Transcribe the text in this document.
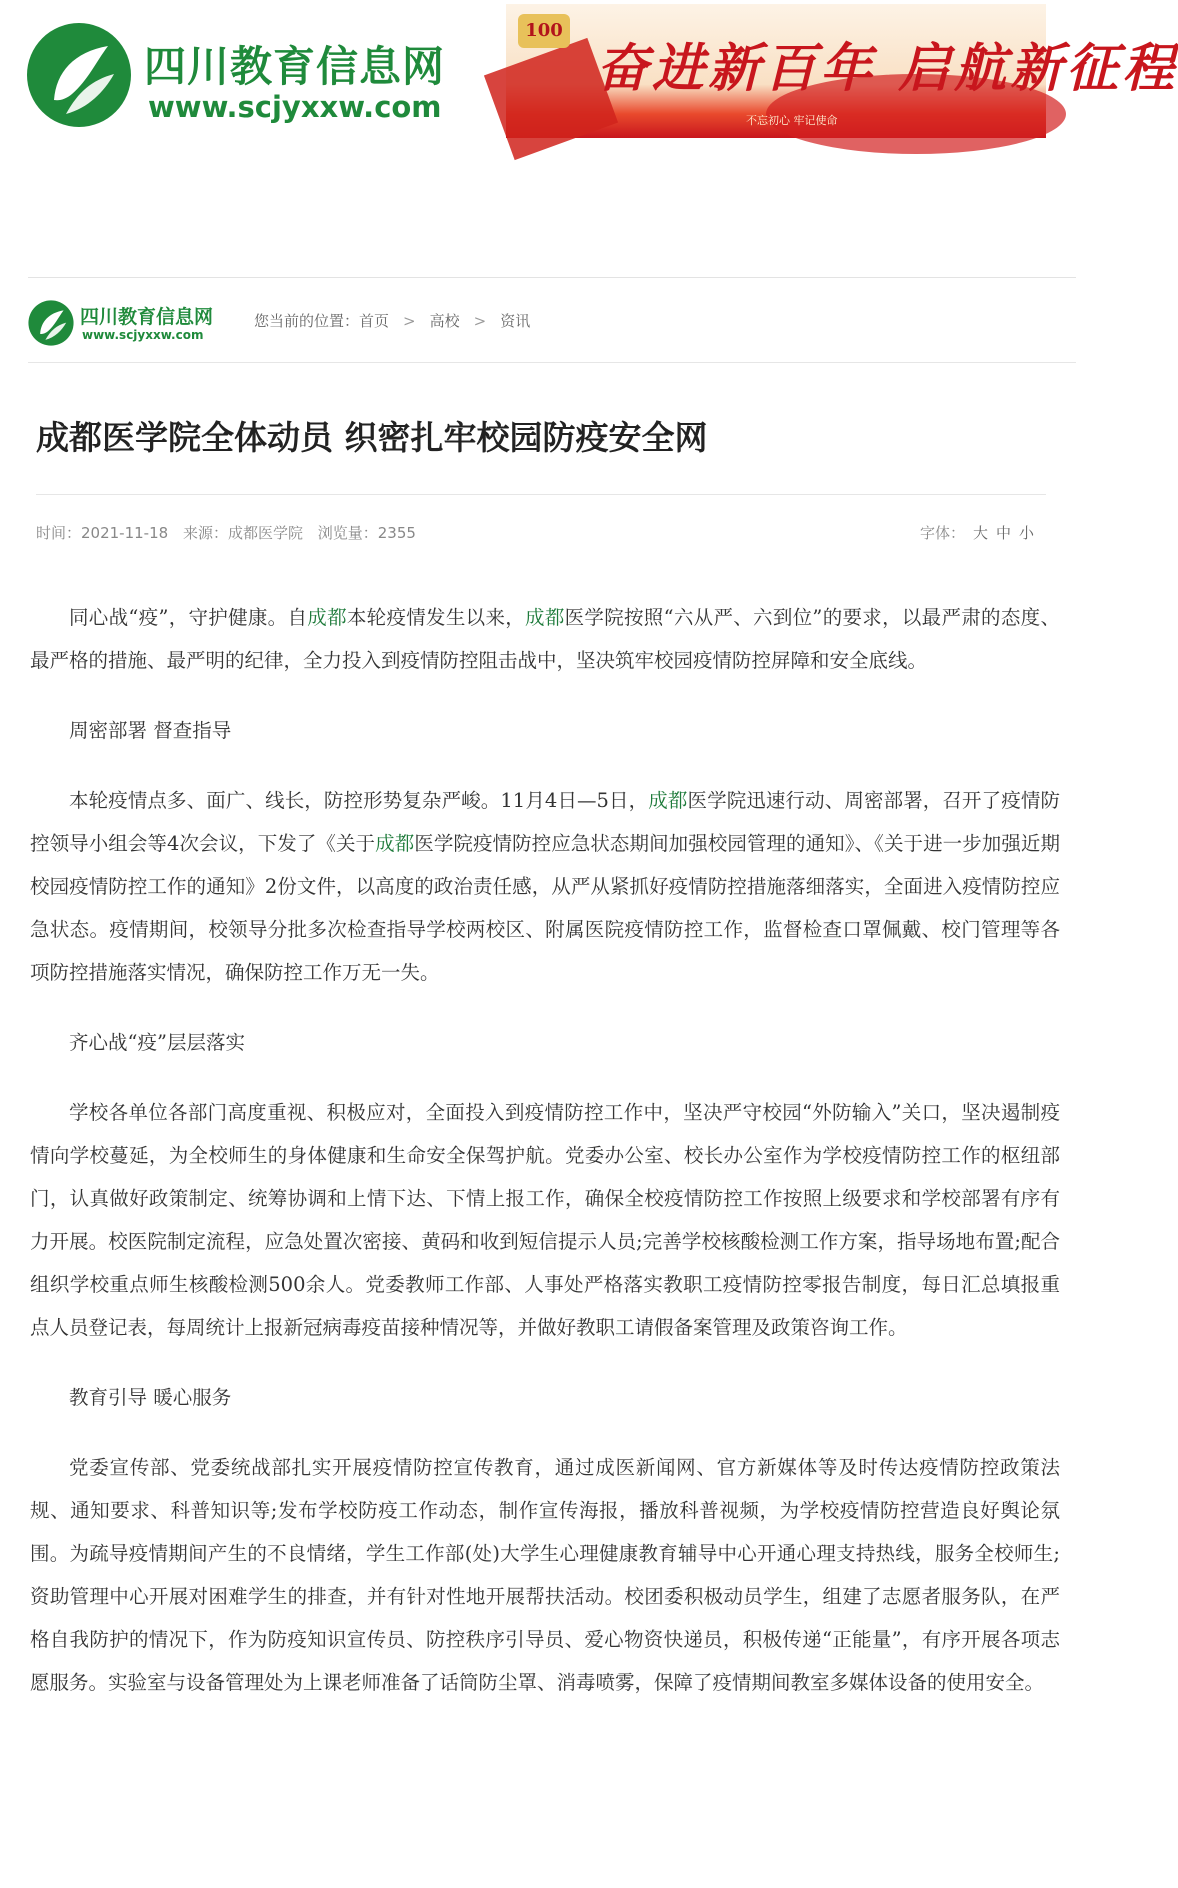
四川教育信息网
www.scjyxxw.com
100
奋进新百年 启航新征程
不忘初心 牢记使命
四川教育信息网
www.scjyxxw.com
您当前的位置：首页 > 高校 > 资讯
成都医学院全体动员 织密扎牢校园防疫安全网
时间：2021-11-18 来源：成都医学院 浏览量：2355	字体： 大 中 小

同心战“疫”，守护健康。自成都本轮疫情发生以来，成都医学院按照“六从严、六到位”的要求，以最严肃的态度、最严格的措施、最严明的纪律，全力投入到疫情防控阻击战中，坚决筑牢校园疫情防控屏障和安全底线。

周密部署 督查指导

本轮疫情点多、面广、线长，防控形势复杂严峻。11月4日—5日，成都医学院迅速行动、周密部署，召开了疫情防控领导小组会等4次会议，下发了《关于成都医学院疫情防控应急状态期间加强校园管理的通知》、《关于进一步加强近期校园疫情防控工作的通知》2份文件，以高度的政治责任感，从严从紧抓好疫情防控措施落细落实，全面进入疫情防控应急状态。疫情期间，校领导分批多次检查指导学校两校区、附属医院疫情防控工作，监督检查口罩佩戴、校门管理等各项防控措施落实情况，确保防控工作万无一失。

齐心战“疫”层层落实

学校各单位各部门高度重视、积极应对，全面投入到疫情防控工作中，坚决严守校园“外防输入”关口，坚决遏制疫情向学校蔓延，为全校师生的身体健康和生命安全保驾护航。党委办公室、校长办公室作为学校疫情防控工作的枢纽部门，认真做好政策制定、统筹协调和上情下达、下情上报工作，确保全校疫情防控工作按照上级要求和学校部署有序有力开展。校医院制定流程，应急处置次密接、黄码和收到短信提示人员;完善学校核酸检测工作方案，指导场地布置;配合组织学校重点师生核酸检测500余人。党委教师工作部、人事处严格落实教职工疫情防控零报告制度，每日汇总填报重点人员登记表，每周统计上报新冠病毒疫苗接种情况等，并做好教职工请假备案管理及政策咨询工作。

教育引导 暖心服务

党委宣传部、党委统战部扎实开展疫情防控宣传教育，通过成医新闻网、官方新媒体等及时传达疫情防控政策法规、通知要求、科普知识等;发布学校防疫工作动态，制作宣传海报，播放科普视频，为学校疫情防控营造良好舆论氛围。为疏导疫情期间产生的不良情绪，学生工作部(处)大学生心理健康教育辅导中心开通心理支持热线，服务全校师生;资助管理中心开展对困难学生的排查，并有针对性地开展帮扶活动。校团委积极动员学生，组建了志愿者服务队，在严格自我防护的情况下，作为防疫知识宣传员、防控秩序引导员、爱心物资快递员，积极传递“正能量”，有序开展各项志愿服务。实验室与设备管理处为上课老师准备了话筒防尘罩、消毒喷雾，保障了疫情期间教室多媒体设备的使用安全。
